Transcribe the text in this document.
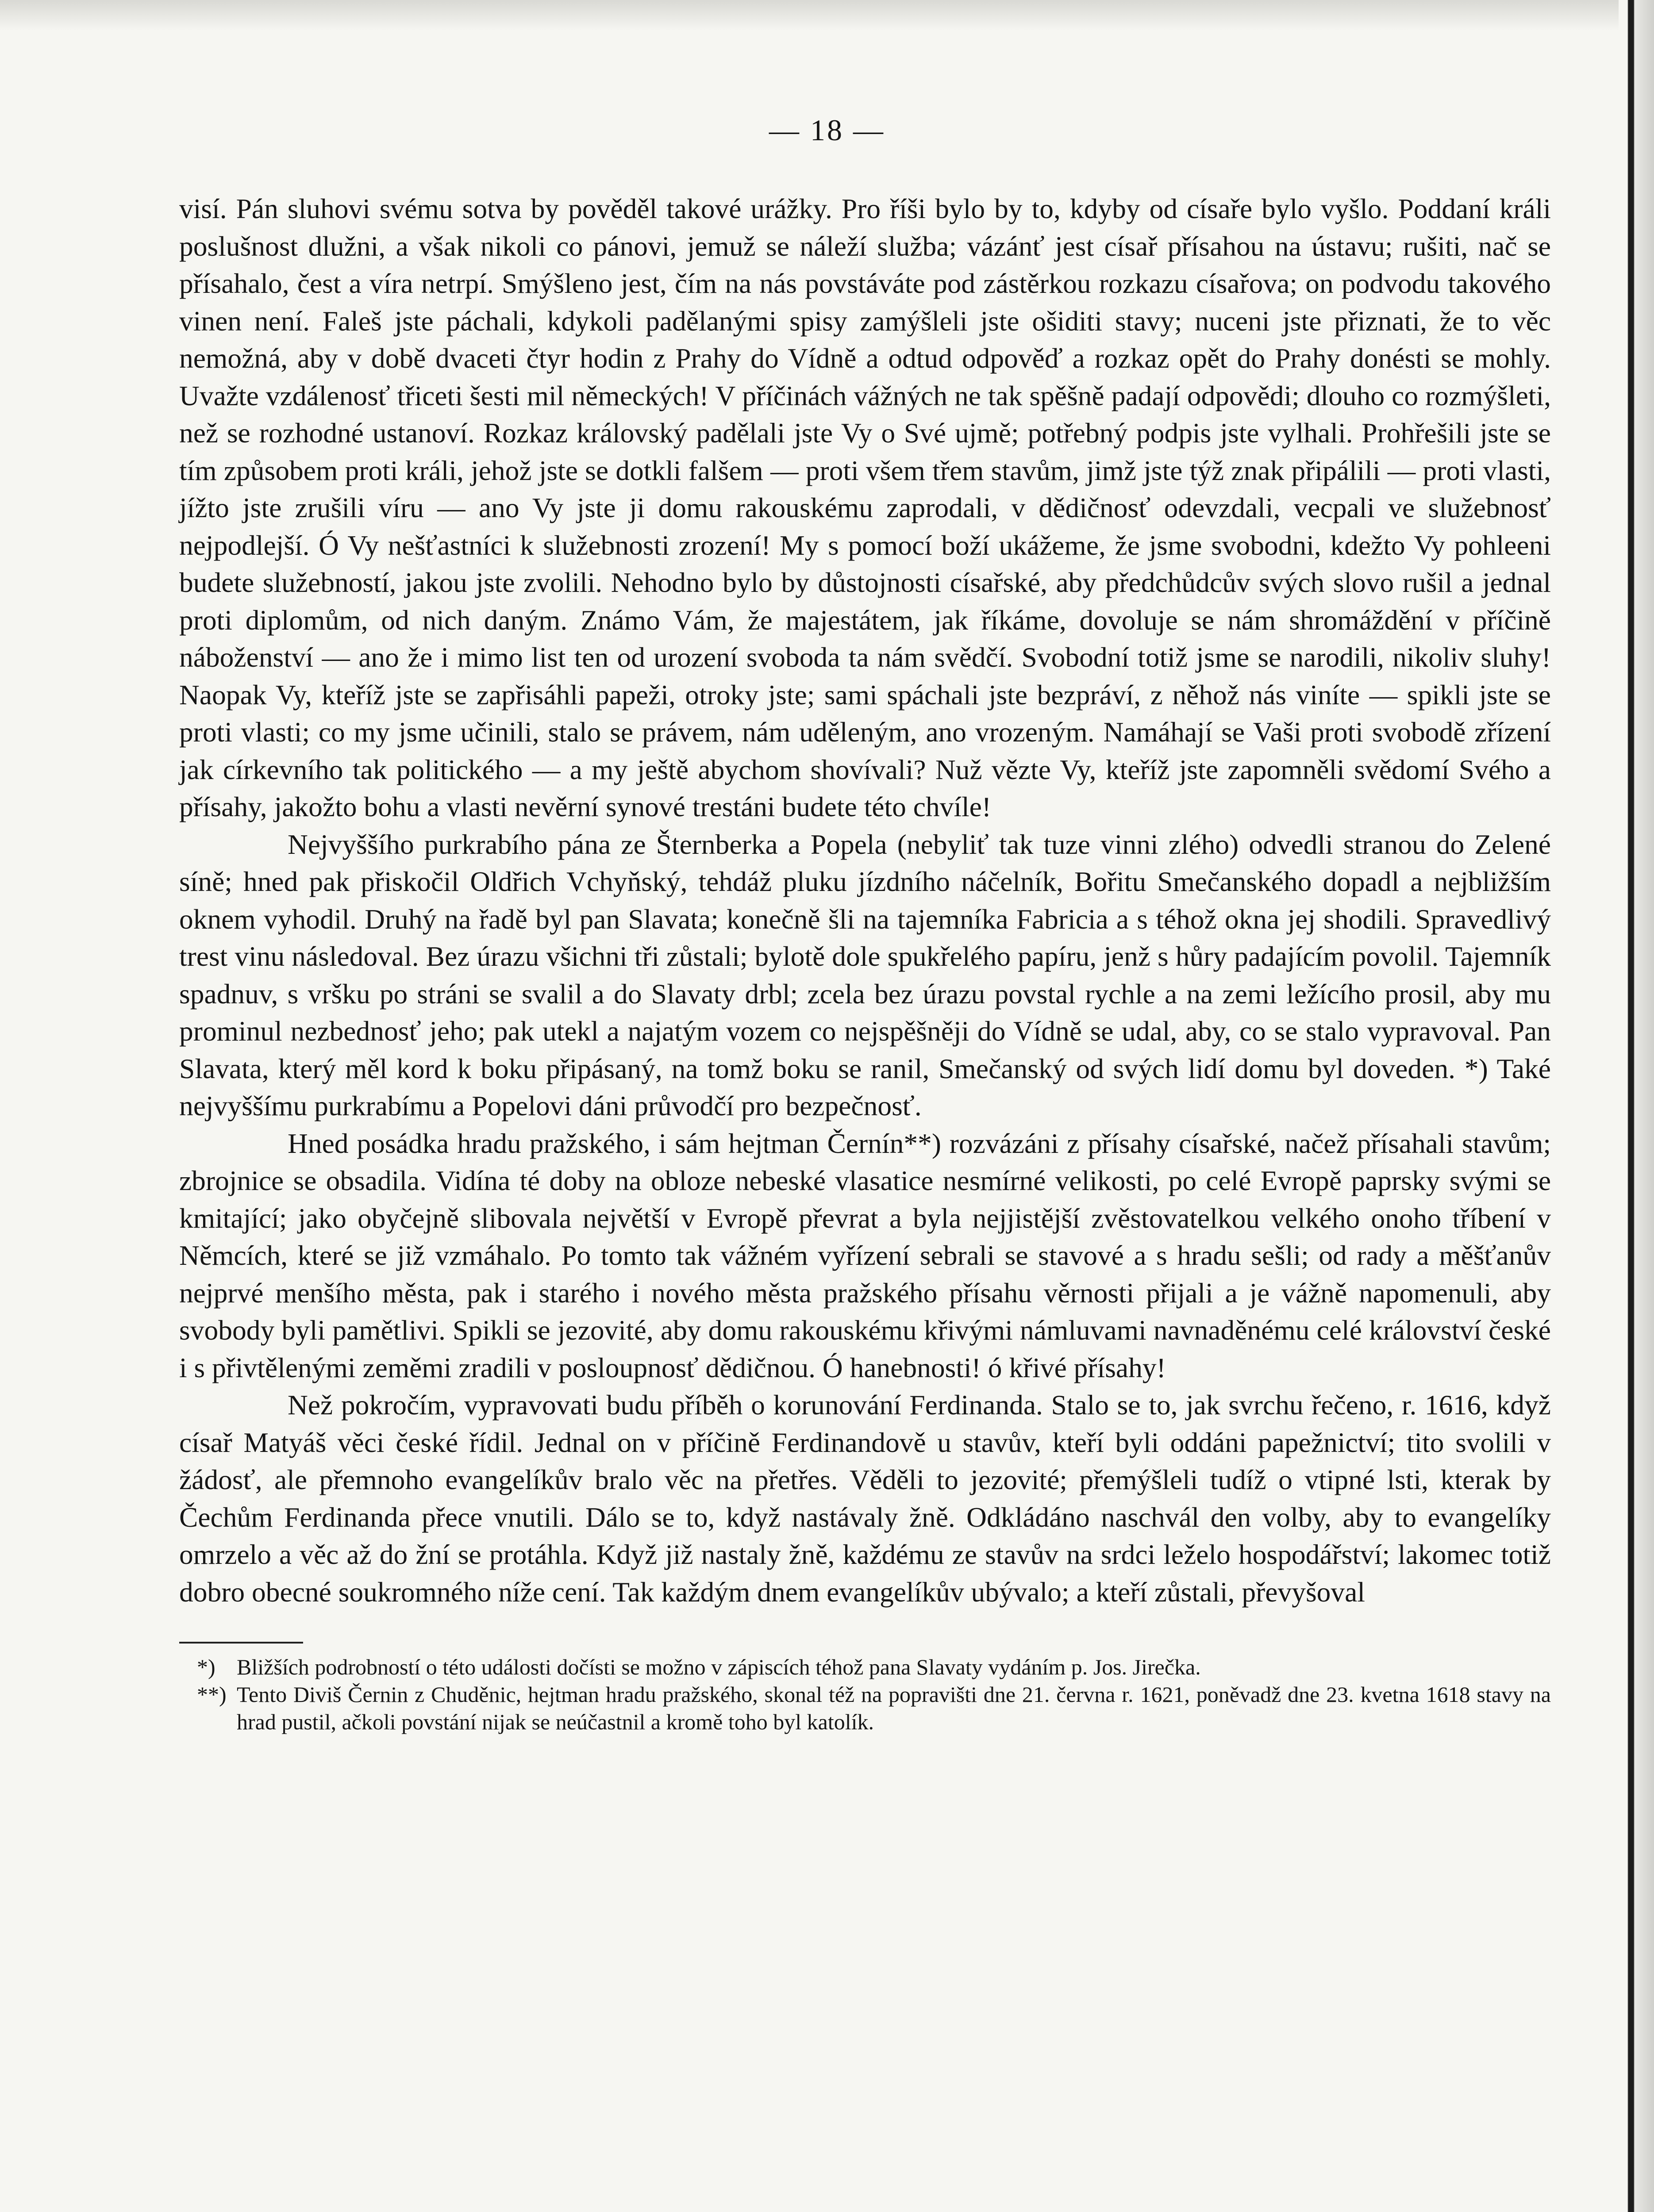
— 18 —

visí. Pán sluhovi svému sotva by pověděl takové urážky. Pro říši bylo by to, kdyby od císaře bylo vyšlo. Poddaní králi poslušnost dlužni, a však nikoli co pánovi, jemuž se náleží služba; vázánť jest císař přísahou na ústavu; rušiti, nač se přísahalo, čest a víra netrpí. Smýšleno jest, čím na nás povstáváte pod zástěrkou rozkazu císařova; on podvodu takového vinen není. Faleš jste páchali, kdykoli padělanými spisy zamýšleli jste ošiditi stavy; nuceni jste přiznati, že to věc nemožná, aby v době dvaceti čtyr hodin z Prahy do Vídně a odtud odpověď a rozkaz opět do Prahy donésti se mohly. Uvažte vzdálenosť třiceti šesti mil německých! V příčinách vážných ne tak spěšně padají odpovědi; dlouho co rozmýšleti, než se rozhodné ustanoví. Rozkaz královský padělali jste Vy o Své ujmě; potřebný podpis jste vylhali. Prohřešili jste se tím způsobem proti králi, jehož jste se dotkli falšem — proti všem třem stavům, jimž jste týž znak připálili — proti vlasti, jížto jste zrušili víru — ano Vy jste ji domu rakouskému zaprodali, v dědičnosť odevzdali, vecpali ve služebnosť nejpodlejší. Ó Vy nešťastníci k služebnosti zrození! My s pomocí boží ukážeme, že jsme svobodni, kdežto Vy pohleeni budete služebností, jakou jste zvolili. Nehodno bylo by důstojnosti císařské, aby předchůdcův svých slovo rušil a jednal proti diplomům, od nich daným. Známo Vám, že majestátem, jak říkáme, dovoluje se nám shromáždění v příčině náboženství — ano že i mimo list ten od urození svoboda ta nám svědčí. Svobodní totiž jsme se narodili, nikoliv sluhy! Naopak Vy, kteříž jste se zapřisáhli papeži, otroky jste; sami spáchali jste bezpráví, z něhož nás viníte — spikli jste se proti vlasti; co my jsme učinili, stalo se právem, nám uděleným, ano vrozeným. Namáhají se Vaši proti svobodě zřízení jak církevního tak politického — a my ještě abychom shovívali? Nuž vězte Vy, kteříž jste zapomněli svědomí Svého a přísahy, jakožto bohu a vlasti nevěrní synové trestáni budete této chvíle!

Nejvyššího purkrabího pána ze Šternberka a Popela (nebyliť tak tuze vinni zlého) odvedli stranou do Zelené síně; hned pak přiskočil Oldřich Vchyňský, tehdáž pluku jízdního náčelník, Bořitu Smečanského dopadl a nejbližším oknem vyhodil. Druhý na řadě byl pan Slavata; konečně šli na tajemníka Fabricia a s téhož okna jej shodili. Spravedlivý trest vinu následoval. Bez úrazu všichni tři zůstali; bylotě dole spukřelého papíru, jenž s hůry padajícím povolil. Tajemník spadnuv, s vršku po stráni se svalil a do Slavaty drbl; zcela bez úrazu povstal rychle a na zemi ležícího prosil, aby mu prominul nezbednosť jeho; pak utekl a najatým vozem co nejspěšněji do Vídně se udal, aby, co se stalo vypravoval. Pan Slavata, který měl kord k boku připásaný, na tomž boku se ranil, Smečanský od svých lidí domu byl doveden. *) Také nejvyššímu purkrabímu a Popelovi dáni průvodčí pro bezpečnosť.

Hned posádka hradu pražského, i sám hejtman Černín**) rozvázáni z přísahy císařské, načež přísahali stavům; zbrojnice se obsadila. Vidína té doby na obloze nebeské vlasatice nesmírné velikosti, po celé Evropě paprsky svými se kmitající; jako obyčejně slibovala největší v Evropě převrat a byla nejjistější zvěstovatelkou velkého onoho tříbení v Němcích, které se již vzmáhalo. Po tomto tak vážném vyřízení sebrali se stavové a s hradu sešli; od rady a měšťanův nejprvé menšího města, pak i starého i nového města pražského přísahu věrnosti přijali a je vážně napomenuli, aby svobody byli pamětlivi. Spikli se jezovité, aby domu rakouskému křivými námluvami navnaděnému celé království české i s přivtělenými zeměmi zradili v posloupnosť dědičnou. Ó hanebnosti! ó křivé přísahy!

Než pokročím, vypravovati budu příběh o korunování Ferdinanda. Stalo se to, jak svrchu řečeno, r. 1616, když císař Matyáš věci české řídil. Jednal on v příčině Ferdinandově u stavův, kteří byli oddáni papežnictví; tito svolili v žádosť, ale přemnoho evangelíkův bralo věc na přetřes. Věděli to jezovité; přemýšleli tudíž o vtipné lsti, kterak by Čechům Ferdinanda přece vnutili. Dálo se to, když nastávaly žně. Odkládáno naschvál den volby, aby to evangelíky omrzelo a věc až do žní se protáhla. Když již nastaly žně, každému ze stavův na srdci leželo hospodářství; lakomec totiž dobro obecné soukromného níže cení. Tak každým dnem evangelíkův ubývalo; a kteří zůstali, převyšoval

*) Bližších podrobností o této události dočísti se možno v zápiscích téhož pana Slavaty vydáním p. Jos. Jirečka.
**) Tento Diviš Černin z Chuděnic, hejtman hradu pražského, skonal též na popravišti dne 21. června r. 1621, poněvadž dne 23. kvetna 1618 stavy na hrad pustil, ačkoli povstání nijak se neúčastnil a kromě toho byl katolík.
